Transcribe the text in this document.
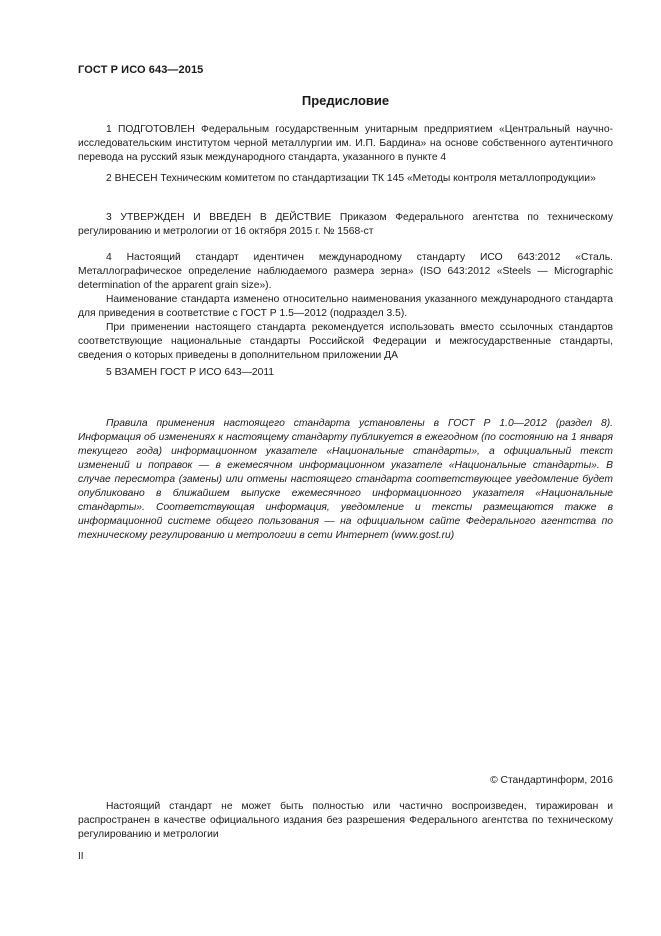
ГОСТ Р ИСО 643—2015
Предисловие

1 ПОДГОТОВЛЕН Федеральным государственным унитарным предприятием «Центральный научно-исследовательским институтом черной металлургии им. И.П. Бардина» на основе собственного аутентичного перевода на русский язык международного стандарта, указанного в пункте 4

2 ВНЕСЕН Техническим комитетом по стандартизации ТК 145 «Методы контроля металлопродукции»

3 УТВЕРЖДЕН И ВВЕДЕН В ДЕЙСТВИЕ Приказом Федерального агентства по техническому регулированию и метрологии от 16 октября 2015 г. № 1568-ст

4 Настоящий стандарт идентичен международному стандарту ИСО 643:2012 «Сталь. Металлографическое определение наблюдаемого размера зерна» (ISO 643:2012 «Steels — Micrographic determination of the apparent grain size»).

Наименование стандарта изменено относительно наименования указанного международного стандарта для приведения в соответствие с ГОСТ Р 1.5—2012 (подраздел 3.5).

При применении настоящего стандарта рекомендуется использовать вместо ссылочных стандартов соответствующие национальные стандарты Российской Федерации и межгосударственные стандарты, сведения о которых приведены в дополнительном приложении ДА

5 ВЗАМЕН ГОСТ Р ИСО 643—2011

Правила применения настоящего стандарта установлены в ГОСТ Р 1.0—2012 (раздел 8). Информация об изменениях к настоящему стандарту публикуется в ежегодном (по состоянию на 1 января текущего года) информационном указателе «Национальные стандарты», а официальный текст изменений и поправок — в ежемесячном информационном указателе «Национальные стандарты». В случае пересмотра (замены) или отмены настоящего стандарта соответствующее уведомление будет опубликовано в ближайшем выпуске ежемесячного информационного указателя «Национальные стандарты». Соответствующая информация, уведомление и тексты размещаются также в информационной системе общего пользования — на официальном сайте Федерального агентства по техническому регулированию и метрологии в сети Интернет (www.gost.ru)

© Стандартинформ, 2016

Настоящий стандарт не может быть полностью или частично воспроизведен, тиражирован и распространен в качестве официального издания без разрешения Федерального агентства по техническому регулированию и метрологии

II
